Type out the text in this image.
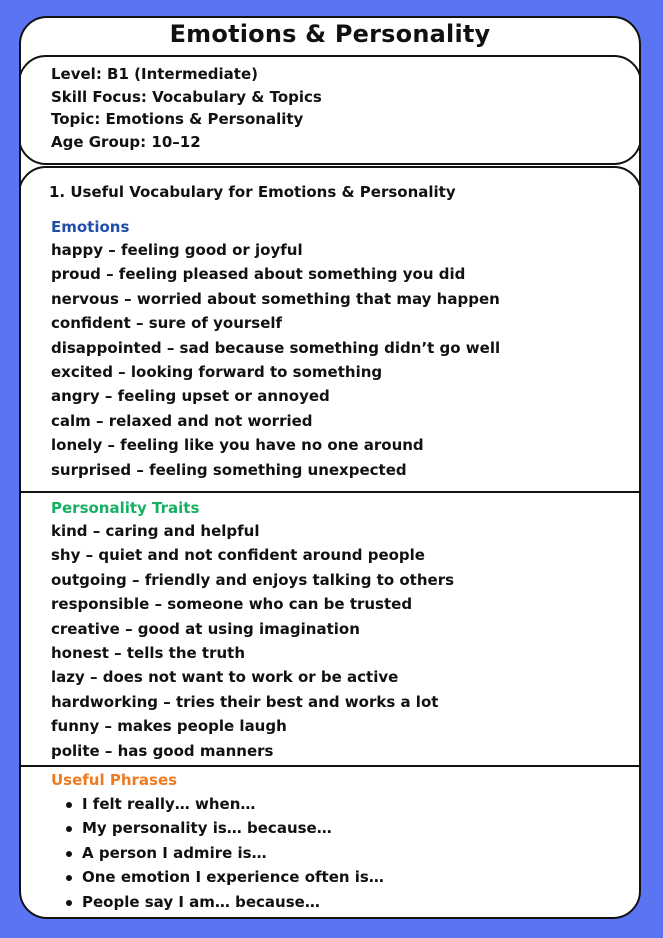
Emotions & Personality
Level: B1 (Intermediate)
Skill Focus: Vocabulary & Topics
Topic: Emotions & Personality
Age Group: 10–12
1. Useful Vocabulary for Emotions & Personality
Emotions
happy – feeling good or joyful
proud – feeling pleased about something you did
nervous – worried about something that may happen
confident – sure of yourself
disappointed – sad because something didn’t go well
excited – looking forward to something
angry – feeling upset or annoyed
calm – relaxed and not worried
lonely – feeling like you have no one around
surprised – feeling something unexpected
Personality Traits
kind – caring and helpful
shy – quiet and not confident around people
outgoing – friendly and enjoys talking to others
responsible – someone who can be trusted
creative – good at using imagination
honest – tells the truth
lazy – does not want to work or be active
hardworking – tries their best and works a lot
funny – makes people laugh
polite – has good manners
Useful Phrases
I felt really… when…
My personality is… because…
A person I admire is…
One emotion I experience often is…
People say I am… because…
